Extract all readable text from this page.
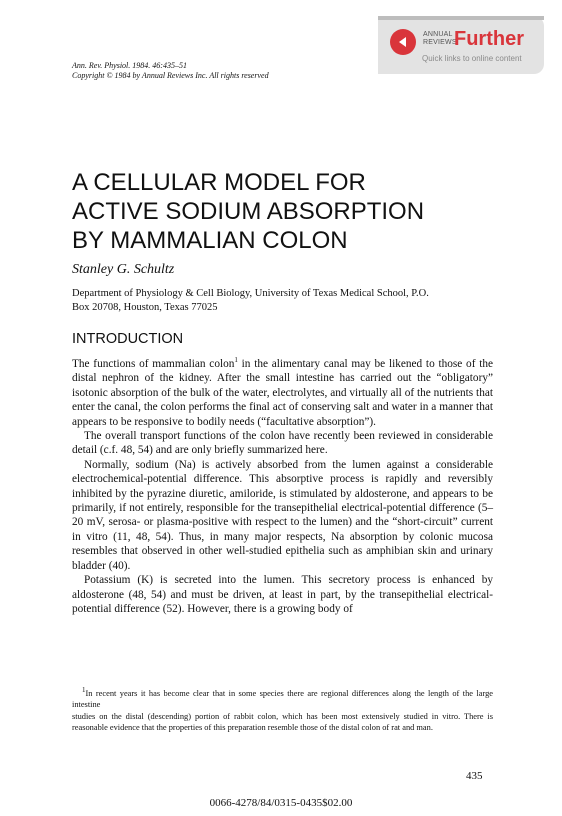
ANNUAL
REVIEWS
Further
Quick links to online content
Ann. Rev. Physiol. 1984. 46:435–51
Copyright © 1984 by Annual Reviews Inc. All rights reserved
A CELLULAR MODEL FOR
ACTIVE SODIUM ABSORPTION
BY MAMMALIAN COLON
Stanley G. Schultz
Department of Physiology & Cell Biology, University of Texas Medical School, P.O.
Box 20708, Houston, Texas 77025
INTRODUCTION

The functions of mammalian colon$^1$ in the alimentary canal may be likened to those of the distal nephron of the kidney. After the small intestine has carried out the “obligatory” isotonic absorption of the bulk of the water, electrolytes, and virtually all of the nutrients that enter the canal, the colon performs the final act of conserving salt and water in a manner that appears to be responsive to bodily needs (“facultative absorption”).

The overall transport functions of the colon have recently been reviewed in considerable detail (c.f. 48, 54) and are only briefly summarized here.

Normally, sodium (Na) is actively absorbed from the lumen against a considerable electrochemical-potential difference. This absorptive process is rapidly and reversibly inhibited by the pyrazine diuretic, amiloride, is stimulated by aldosterone, and appears to be primarily, if not entirely, responsible for the transepithelial electrical-potential difference (5–20 mV, serosa- or plasma-positive with respect to the lumen) and the “short-circuit” current in vitro (11, 48, 54). Thus, in many major respects, Na absorption by colonic mucosa resembles that observed in other well-studied epithelia such as amphibian skin and urinary bladder (40).

Potassium (K) is secreted into the lumen. This secretory process is enhanced by aldosterone (48, 54) and must be driven, at least in part, by the transepithelial electrical-potential difference (52). However, there is a growing body of

$^1$In recent years it has become clear that in some species there are regional differences along the length of the large intestine

studies on the distal (descending) portion of rabbit colon, which has been most extensively studied in vitro. There is reasonable evidence that the properties of this preparation resemble those of the distal colon of rat and man.

435
0066-4278/84/0315-0435$02.00
